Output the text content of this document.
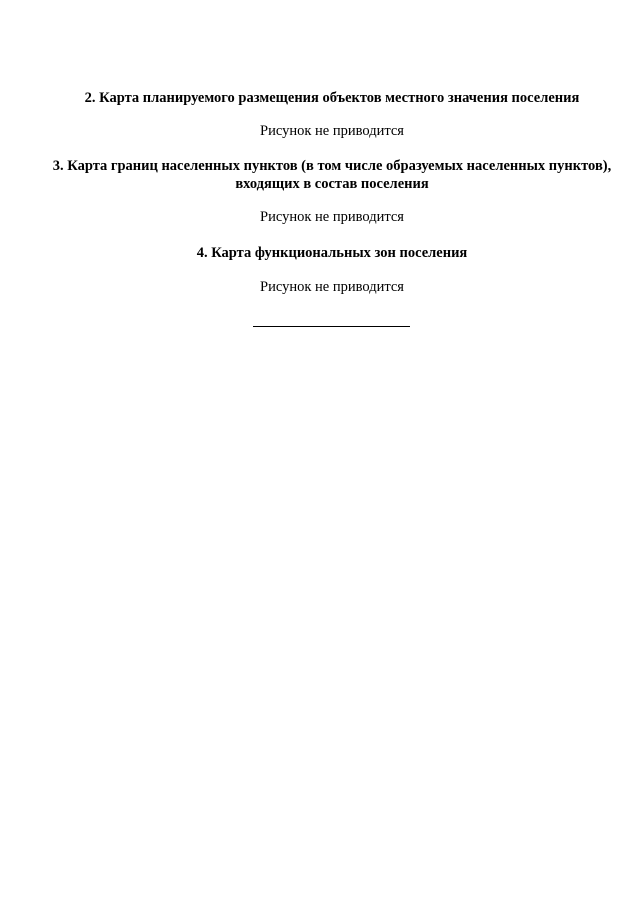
2. Карта планируемого размещения объектов местного значения поселения

Рисунок не приводится

3. Карта границ населенных пунктов (в том числе образуемых населенных пунктов), входящих в состав поселения

Рисунок не приводится

4. Карта функциональных зон поселения

Рисунок не приводится
